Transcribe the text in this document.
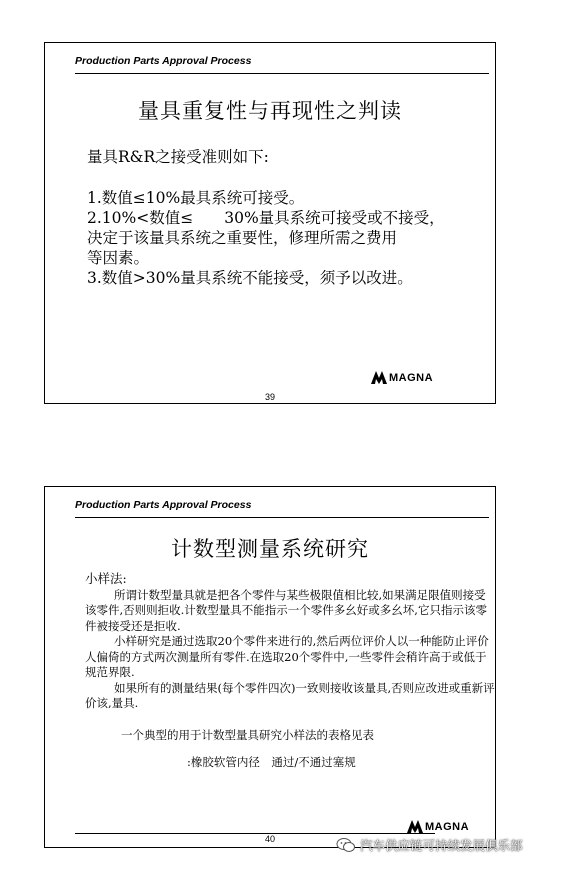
Production Parts Approval Process
量具重复性与再现性之判读
量具R&R之接受准则如下:
1.数值≤10%最具系统可接受。
2.10%<数值≤　　30%量具系统可接受或不接受，
决定于该量具系统之重要性，修理所需之费用
等因素。
3.数值>30%量具系统不能接受，须予以改进。
MAGNA
39
Production Parts Approval Process
计数型测量系统研究
小样法:

所谓计数型量具就是把各个零件与某些极限值相比较,如果满足限值则接受该零件,否则则拒收.计数型量具不能指示一个零件多幺好或多幺坏,它只指示该零件被接受还是拒收.

小样研究是通过选取20个零件来进行的,然后两位评价人以一种能防止评价人偏倚的方式两次测量所有零件.在选取20个零件中,一些零件会稍许高于或低于规范界限.

如果所有的测量结果(每个零件四次)一致则接收该量具,否则应改进或重新评价该,量具.

一个典型的用于计数型量具研究小样法的表格见表
:橡胶软管内径　通过/不通过塞规
MAGNA
40	汽车供应链可持续发展俱乐部
